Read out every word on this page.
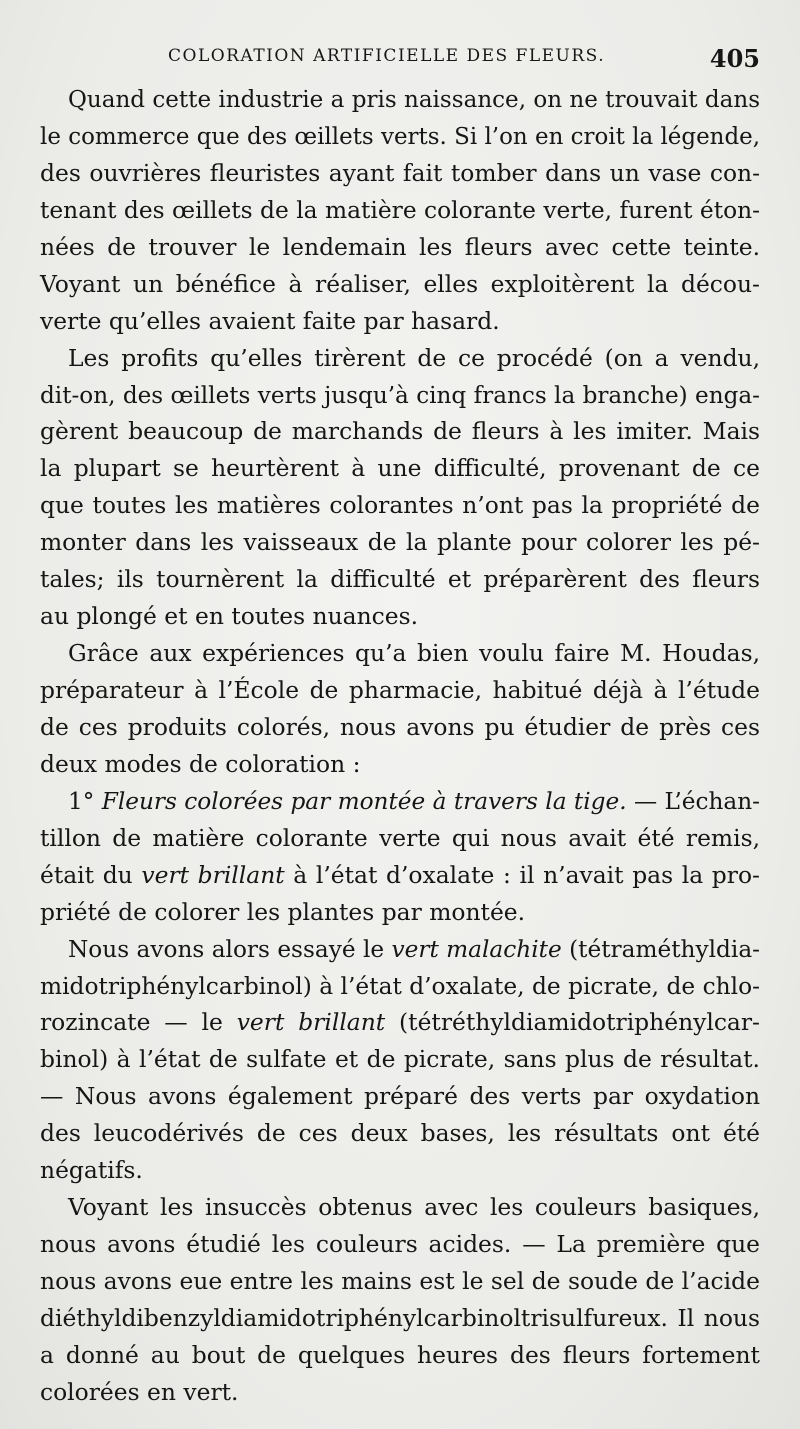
COLORATION ARTIFICIELLE DES FLEURS.	405
Quand cette industrie a pris naissance, on ne trouvait dans
le commerce que des œillets verts. Si l’on en croit la légende,
des ouvrières fleuristes ayant fait tomber dans un vase con-
tenant des œillets de la matière colorante verte, furent éton-
nées de trouver le lendemain les fleurs avec cette teinte.
Voyant un bénéfice à réaliser, elles exploitèrent la décou-
verte qu’elles avaient faite par hasard.
Les profits qu’elles tirèrent de ce procédé (on a vendu,
dit-on, des œillets verts jusqu’à cinq francs la branche) enga-
gèrent beaucoup de marchands de fleurs à les imiter. Mais
la plupart se heurtèrent à une difficulté, provenant de ce
que toutes les matières colorantes n’ont pas la propriété de
monter dans les vaisseaux de la plante pour colorer les pé-
tales; ils tournèrent la difficulté et préparèrent des fleurs
au plongé et en toutes nuances.
Grâce aux expériences qu’a bien voulu faire M. Houdas,
préparateur à l’École de pharmacie, habitué déjà à l’étude
de ces produits colorés, nous avons pu étudier de près ces
deux modes de coloration :
1° Fleurs colorées par montée à travers la tige. — L’échan-
tillon de matière colorante verte qui nous avait été remis,
était du vert brillant à l’état d’oxalate : il n’avait pas la pro-
priété de colorer les plantes par montée.
Nous avons alors essayé le vert malachite (tétraméthyldia-
midotriphénylcarbinol) à l’état d’oxalate, de picrate, de chlo-
rozincate — le vert brillant (tétréthyldiamidotriphénylcar-
binol) à l’état de sulfate et de picrate, sans plus de résultat.
— Nous avons également préparé des verts par oxydation
des leucodérivés de ces deux bases, les résultats ont été
négatifs.
Voyant les insuccès obtenus avec les couleurs basiques,
nous avons étudié les couleurs acides. — La première que
nous avons eue entre les mains est le sel de soude de l’acide
diéthyldibenzyldiamidotriphénylcarbinoltrisulfureux. Il nous
a donné au bout de quelques heures des fleurs fortement
colorées en vert.
